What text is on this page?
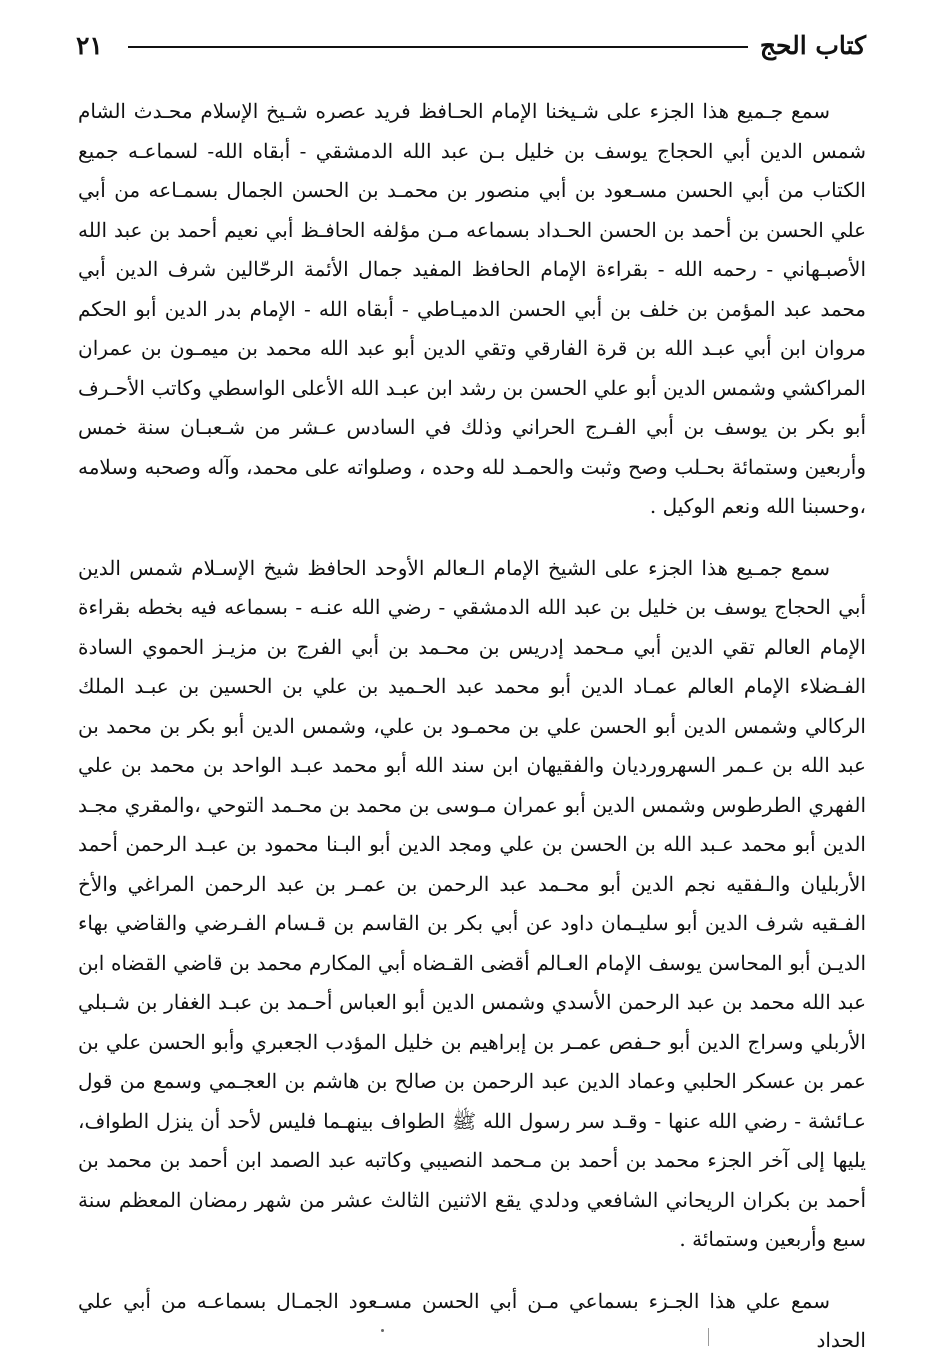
كتاب الحج
٢١

سمع جـميع هذا الجزء على شـيخنا الإمام الحـافظ فريد عصره شـيخ الإسلام محـدث الشام شمس الدين أبي الحجاج يوسف بن خليل بـن عبد الله الدمشقي - أبقاه الله- لسماعـه جميع الكتاب من أبي الحسن مسـعود بن أبي منصور بن محمـد بن الحسن الجمال بسمـاعه من أبي علي الحسن بن أحمد بن الحسن الحـداد بسماعه مـن مؤلفه الحافـظ أبي نعيم أحمد بن عبد الله الأصبـهاني - رحمه الله - بقراءة الإمام الحافظ المفيد جمال الأئمة الرحّالين شرف الدين أبي محمد عبد المؤمن بن خلف بن أبي الحسن الدميـاطي - أبقاه الله - الإمام بدر الدين أبو الحكم مروان ابن أبي عبـد الله بن قرة الفارقي وتقي الدين أبو عبد الله محمد بن ميمـون بن عمران المراكشي وشمس الدين أبو علي الحسن بن رشد ابن عبـد الله الأعلى الواسطي وكاتب الأحـرف أبو بكر بن يوسف بن أبي الفـرج الحراني وذلك في السادس عـشر من شـعبـان سنة خمس وأربعين وستمائة بحـلب وصح وثبت والحمـد لله وحده ، وصلواته على محمد، وآله وصحبه وسلامه ،وحسبنا الله ونعم الوكيل .

سمع جمـيع هذا الجزء على الشيخ الإمام الـعالم الأوحد الحافظ شيخ الإسـلام شمس الدين أبي الحجاج يوسف بن خليل بن عبد الله الدمشقي - رضي الله عنـه - بسماعه فيه بخطه بقراءة الإمام العالم تقي الدين أبي مـحمد إدريس بن محـمد بن أبي الفرج بن مزيـز الحموي السادة الفـضلاء الإمام العالم عمـاد الدين أبو محمد عبد الحـميد بن علي بن الحسين بن عبـد الملك الركالي وشمس الدين أبو الحسن علي بن محمـود بن علي، وشمس الدين أبو بكر بن محمد بن عبد الله بن عـمر السهروردیان والفقيهان ابن سند الله أبو محمد عبـد الواحد بن محمد بن علي الفهري الطرطوس وشمس الدين أبو عمران مـوسى بن محمد بن محـمد التوحي ،والمقري مجـد الدين أبو محمد عـبد الله بن الحسن بن علي ومجد الدين أبو البـنا محمود بن عبـد الرحمن أحمد الأربليان والـفقيه نجم الدين أبو محـمد عبد الرحمن بن عمـر بن عبد الرحمن المراغي والأخ الفـقيه شرف الدين أبو سليـمان داود عن أبي بكر بن القاسم بن قـسام الفـرضي والقاضي بهاء الديـن أبو المحاسن يوسف الإمام العـالم أقضى القـضاه أبي المكارم محمد بن قاضي القضاه ابن عبد الله محمد بن عبد الرحمن الأسدي وشمس الدين أبو العباس أحـمد بن عبـد الغفار بن شـبلي الأربلي وسراج الدين أبو حـفص عمـر بن إبراهيم بن خليل المؤدب الجعبري وأبو الحسن علي بن عمر بن عسكر الحلبي وعماد الدين عبد الرحمن بن صالح بن هاشم بن العجـمي وسمع من قول عـائشة - رضي الله عنها - وقـد سر رسول الله ﷺ الطواف بينهـما فليس لأحد أن ينزل الطواف، يليها إلى آخر الجزء محمد بن أحمد بن مـحمد النصيبي وكاتبه عبد الصمد ابن أحمد بن محمد بن أحمد بن بكران الريحاني الشافعي ودلدي يقع الاثنين الثالث عشر من شهر رمضان المعظم سنة سبع وأربعين وستمائة .

سمع علي هذا الجـزء بسماعي مـن أبي الحسن مسـعود الجمـال بسماعـه من أبي علي الحداد
